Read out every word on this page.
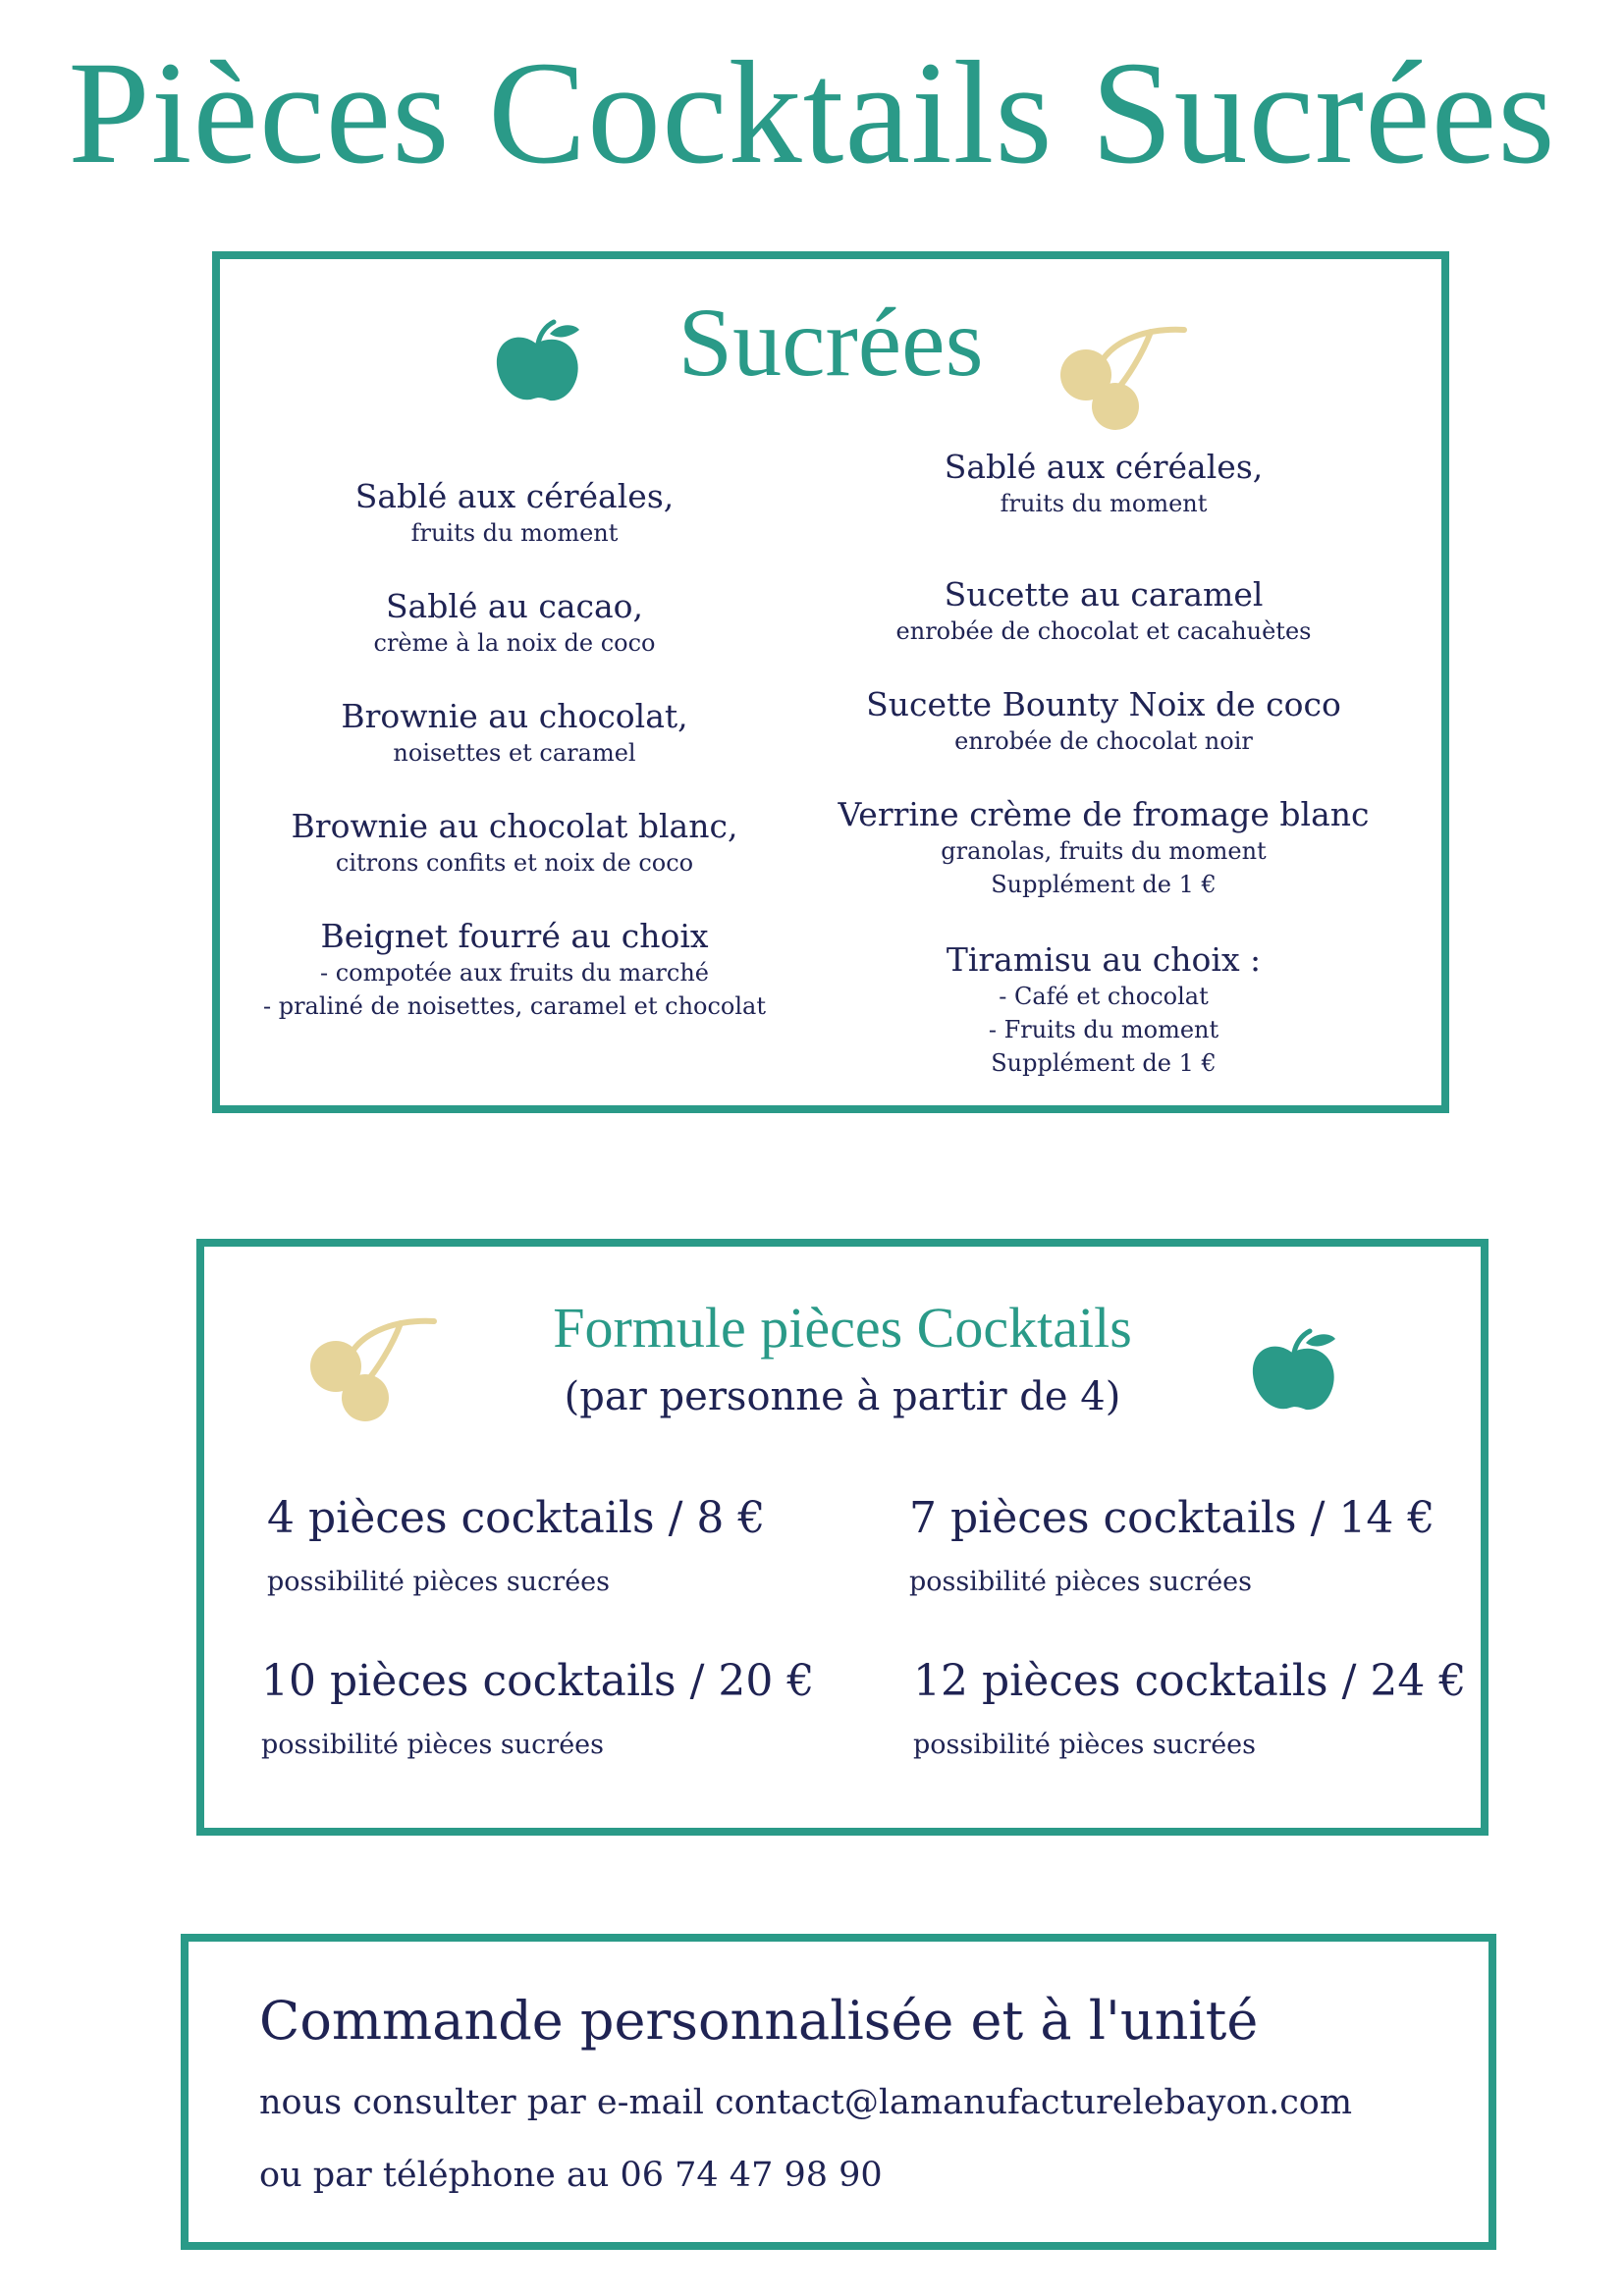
Pièces Cocktails Sucrées
Sucrées
Sablé aux céréales,
fruits du moment
Sablé au cacao,
crème à la noix de coco
Brownie au chocolat,
noisettes et caramel
Brownie au chocolat blanc,
citrons confits et noix de coco
Beignet fourré au choix
- compotée aux fruits du marché
- praliné de noisettes, caramel et chocolat
Sablé aux céréales,
fruits du moment
Sucette au caramel
enrobée de chocolat et cacahuètes
Sucette Bounty Noix de coco
enrobée de chocolat noir
Verrine crème de fromage blanc
granolas, fruits du moment
Supplément de 1 €
Tiramisu au choix :
- Café et chocolat
- Fruits du moment
Supplément de 1 €
Formule pièces Cocktails
(par personne à partir de 4)
4 pièces cocktails / 8 €
possibilité pièces sucrées
7 pièces cocktails / 14 €
possibilité pièces sucrées
10 pièces cocktails / 20 €
possibilité pièces sucrées
12 pièces cocktails / 24 €
possibilité pièces sucrées
Commande personnalisée et à l'unité
nous consulter par e-mail contact@lamanufacturelebayon.com
ou par téléphone au 06 74 47 98 90
